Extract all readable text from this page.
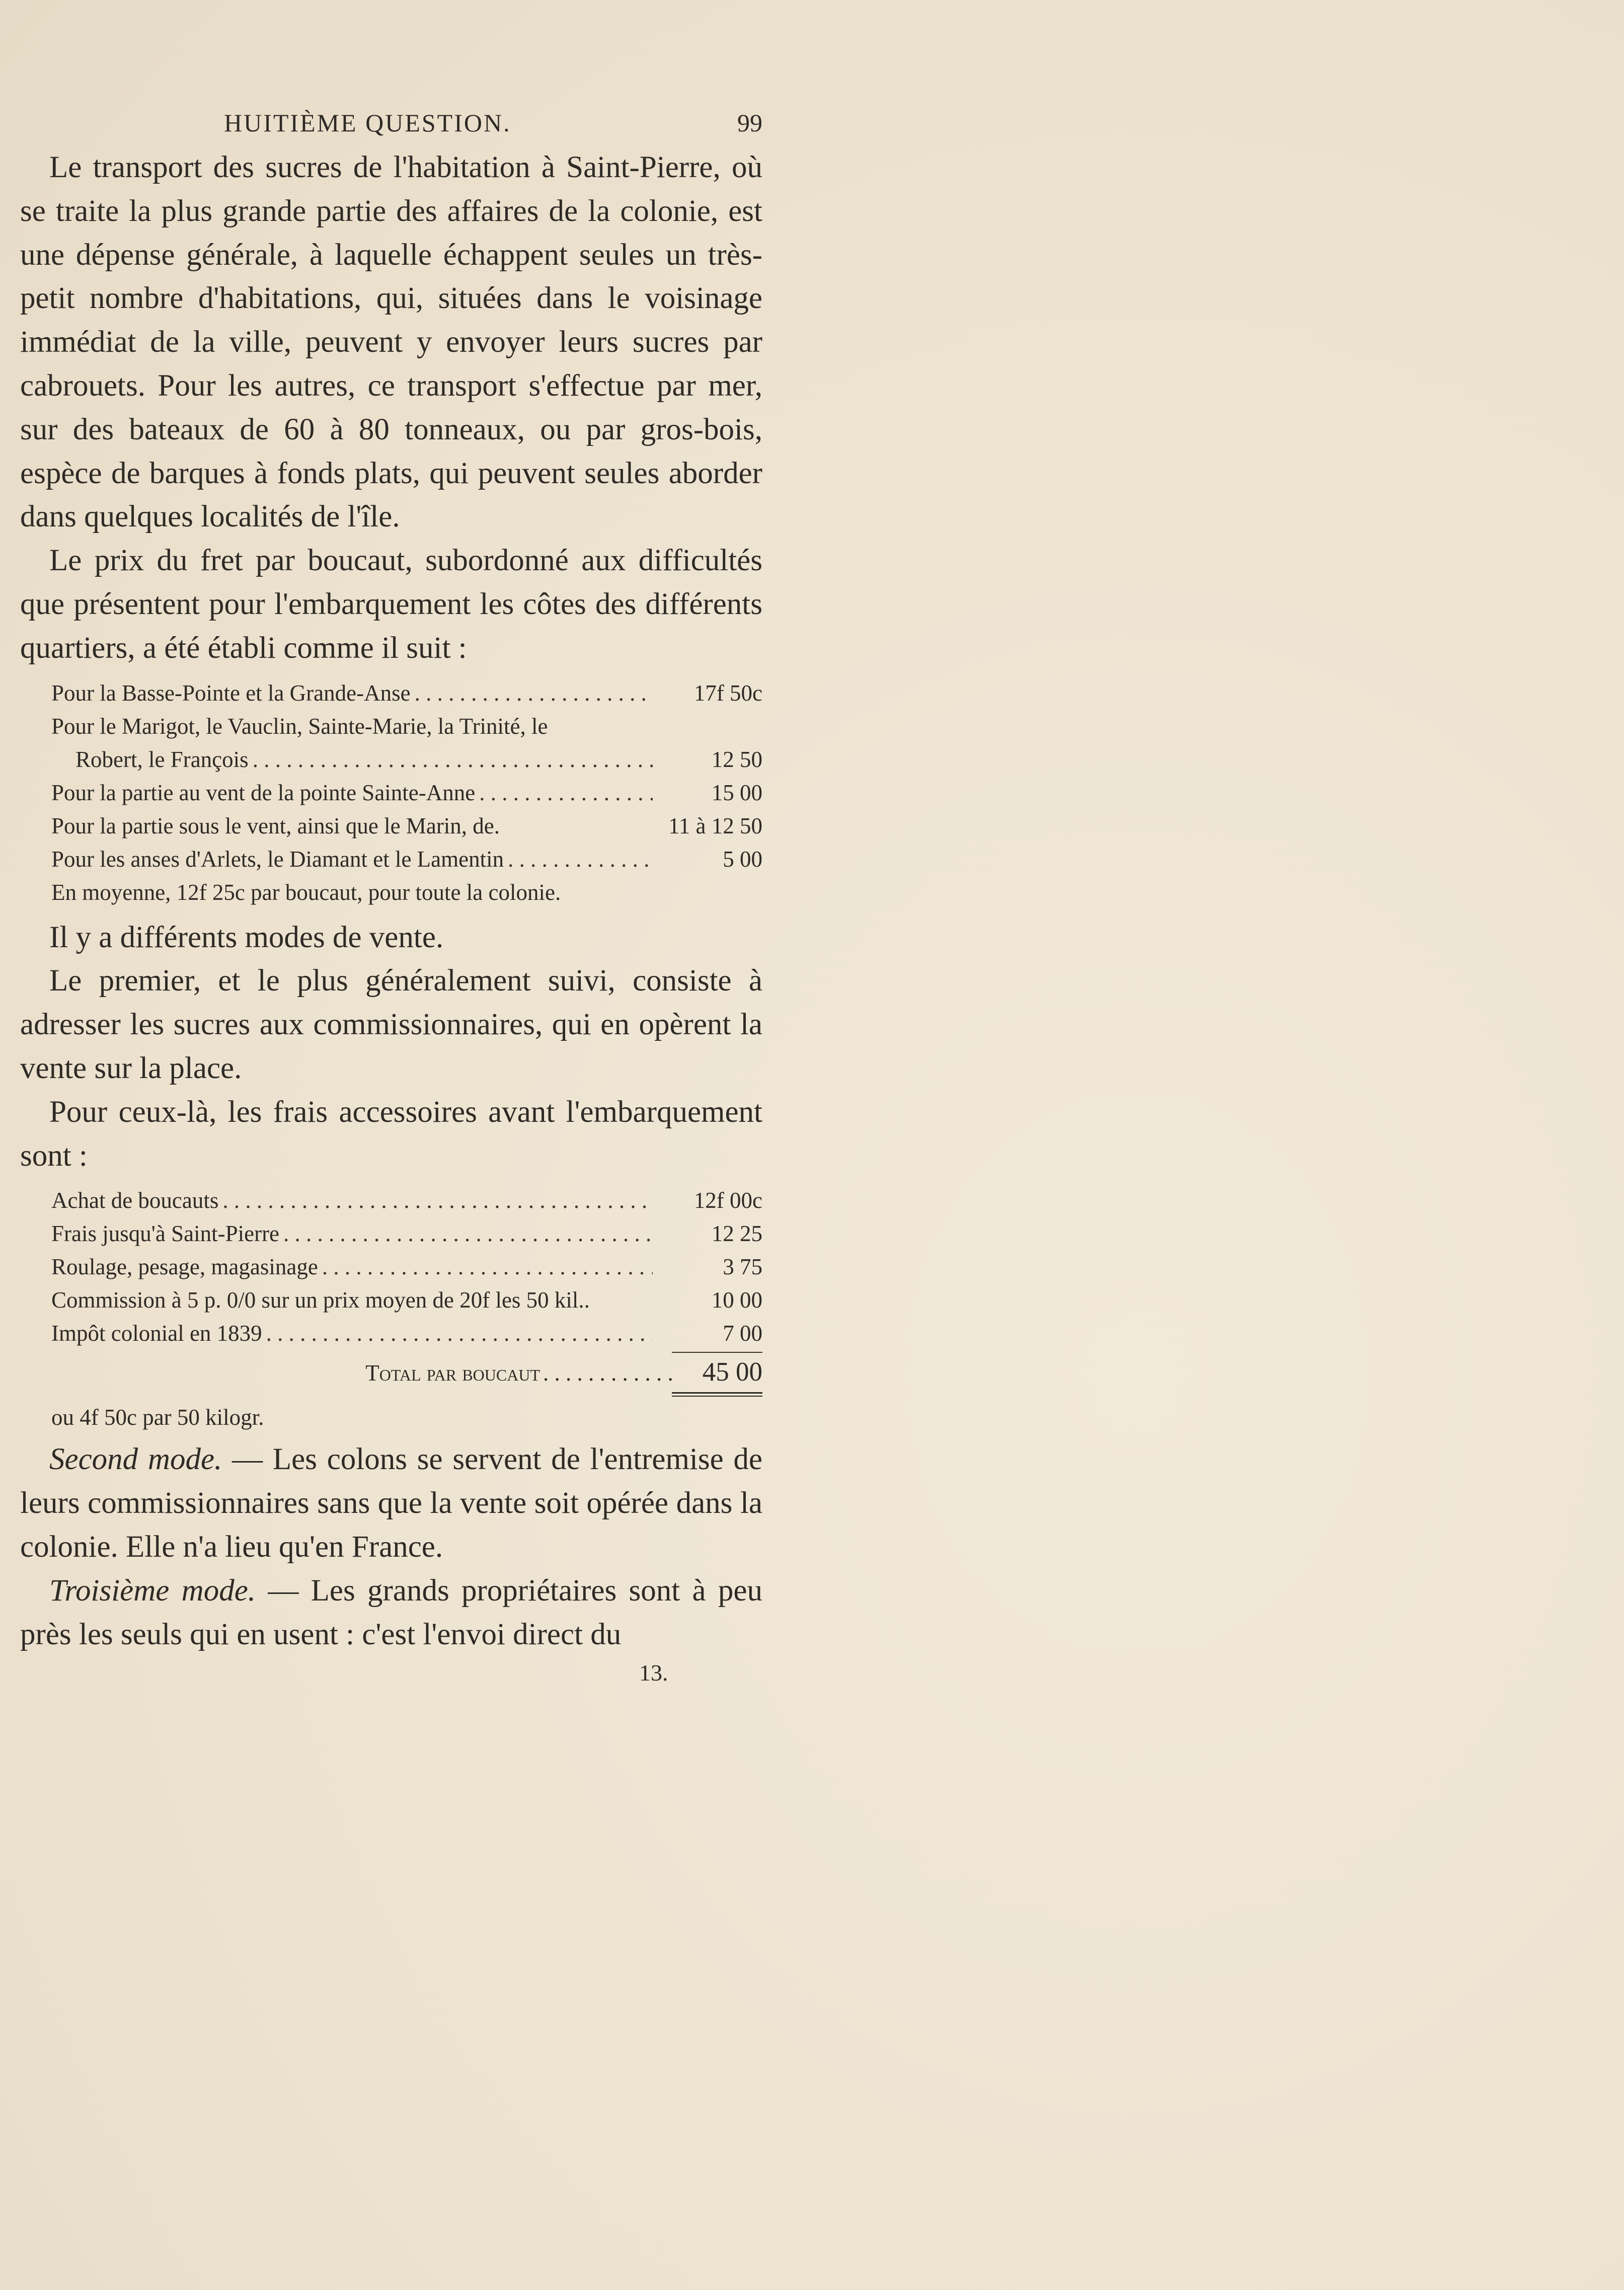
HUITIÈME QUESTION.	99

Le transport des sucres de l'habitation à Saint-Pierre, où se traite la plus grande partie des affaires de la colonie, est une dépense générale, à laquelle échappent seules un très-petit nombre d'habitations, qui, situées dans le voisinage immédiat de la ville, peuvent y envoyer leurs sucres par cabrouets. Pour les autres, ce transport s'effectue par mer, sur des bateaux de 60 à 80 tonneaux, ou par gros-bois, espèce de barques à fonds plats, qui peuvent seules aborder dans quelques localités de l'île.

Le prix du fret par boucaut, subordonné aux difficultés que présentent pour l'embarquement les côtes des différents quartiers, a été établi comme il suit :

Pour la Basse-Pointe et la Grande-Anse . . .	17f 50c
Pour le Marigot, le Vauclin, Sainte-Marie, la Trinité, le
Robert, le François . . .	12 50
Pour la partie au vent de la pointe Sainte-Anne . . .	15 00
Pour la partie sous le vent, ainsi que le Marin, de.	11 à 12 50
Pour les anses d'Arlets, le Diamant et le Lamentin . . .	5 00
En moyenne, 12f 25c par boucaut, pour toute la colonie.

Il y a différents modes de vente.

Le premier, et le plus généralement suivi, consiste à adresser les sucres aux commissionnaires, qui en opèrent la vente sur la place.

Pour ceux-là, les frais accessoires avant l'embarquement sont :

Achat de boucauts . . .	12f 00c
Frais jusqu'à Saint-Pierre . . .	12 25
Roulage, pesage, magasinage . . .	3 75
Commission à 5 p. 0/0 sur un prix moyen de 20f les 50 kil..	10 00
Impôt colonial en 1839 . . .	7 00
Total par boucaut . . .	45 00
ou 4f 50c par 50 kilogr.

Second mode. — Les colons se servent de l'entremise de leurs commissionnaires sans que la vente soit opérée dans la colonie. Elle n'a lieu qu'en France.

Troisième mode. — Les grands propriétaires sont à peu près les seuls qui en usent : c'est l'envoi direct du

13.
